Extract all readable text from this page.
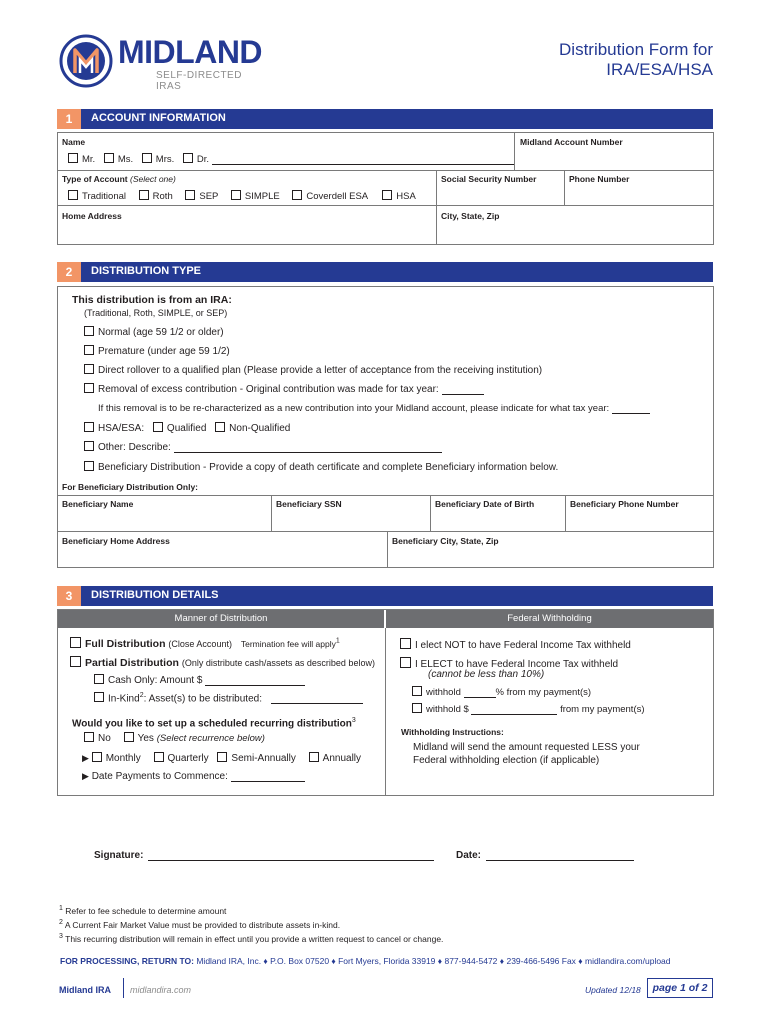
MIDLAND
SELF-DIRECTED IRAS
Distribution Form for
IRA/ESA/HSA
1	ACCOUNT INFORMATION
Name	Midland Account Number
Mr. Ms. Mrs. Dr.
Type of Account (Select one)	Social Security Number	Phone Number
Traditional	Roth	SEP	SIMPLE	Coverdell ESA	HSA
Home Address	City, State, Zip
2	DISTRIBUTION TYPE
This distribution is from an IRA:
(Traditional, Roth, SIMPLE, or SEP)
Normal (age 59 1/2 or older)
Premature (under age 59 1/2)
Direct rollover to a qualified plan (Please provide a letter of acceptance from the receiving institution)
Removal of excess contribution - Original contribution was made for tax year:
If this removal is to be re-characterized as a new contribution into your Midland account, please indicate for what tax year:
HSA/ESA: Qualified Non-Qualified
Other: Describe:
Beneficiary Distribution - Provide a copy of death certificate and complete Beneficiary information below.
For Beneficiary Distribution Only:
Beneficiary Name	Beneficiary SSN	Beneficiary Date of Birth	Beneficiary Phone Number
Beneficiary Home Address	Beneficiary City, State, Zip
3	DISTRIBUTION DETAILS
Manner of Distribution	Federal Withholding
Full Distribution (Close Account) Termination fee will apply$^1$
Partial Distribution (Only distribute cash/assets as described below)
Cash Only: Amount $
In-Kind$^2$: Asset(s) to be distributed:
Would you like to set up a scheduled recurring distribution$^3$
No	Yes (Select recurrence below)
▶ Monthly	Quarterly Semi-Annually	Annually
▶ Date Payments to Commence:
I elect NOT to have Federal Income Tax withheld
I ELECT to have Federal Income Tax withheld
(cannot be less than 10%)
withhold	% from my payment(s)
withhold $	from my payment(s)
Withholding Instructions:
Midland will send the amount requested LESS your
Federal withholding election (if applicable)
Signature:	Date:
$^1$ Refer to fee schedule to determine amount
$^2$ A Current Fair Market Value must be provided to distribute assets in-kind.
$^3$ This recurring distribution will remain in effect until you provide a written request to cancel or change.
FOR PROCESSING, RETURN TO: Midland IRA, Inc. ♦ P.O. Box 07520 ♦ Fort Myers, Florida 33919 ♦ 877-944-5472 ♦ 239-466-5496 Fax ♦ midlandira.com/upload
Midland IRA midlandira.com	Updated 12/18	page 1 of 2
